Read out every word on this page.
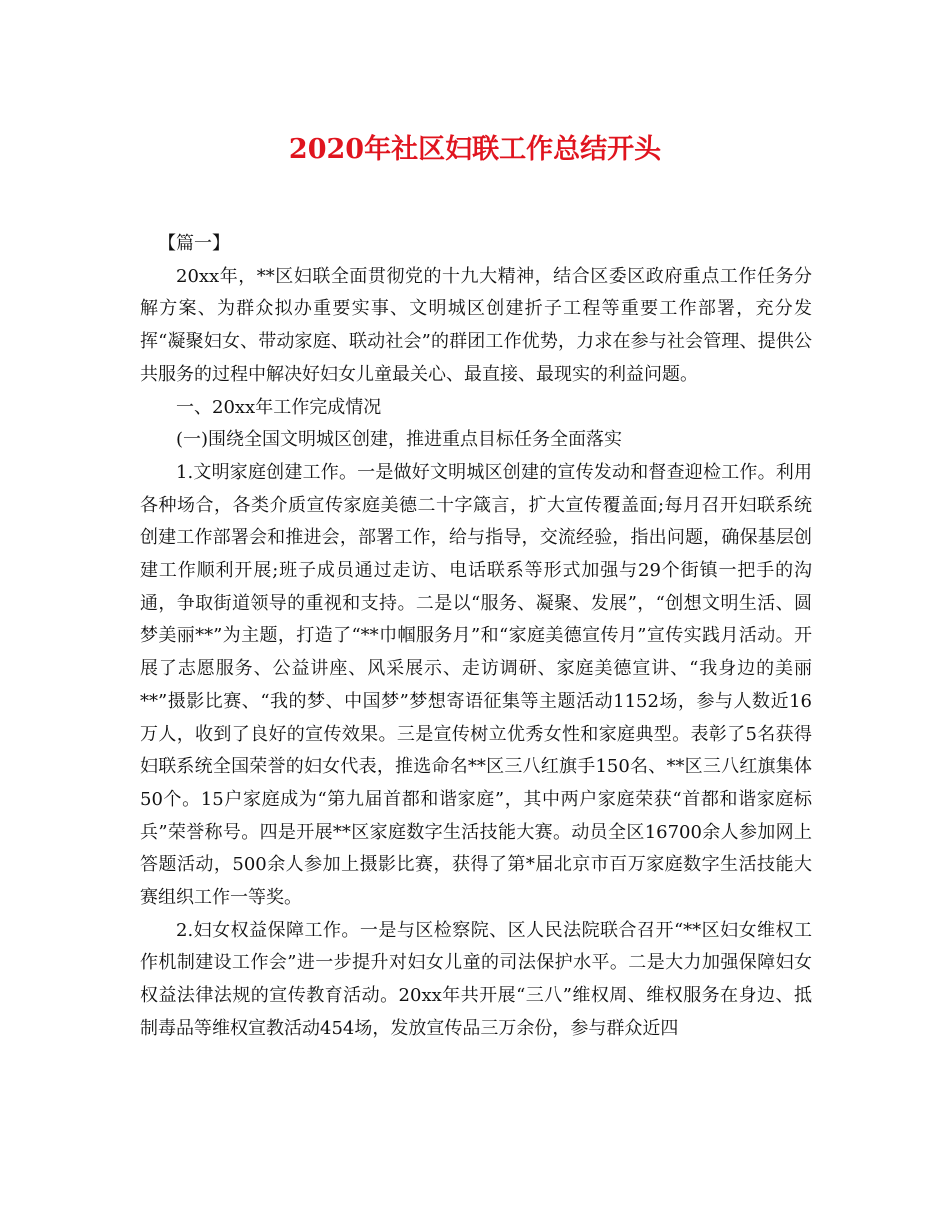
2020年社区妇联工作总结开头

【篇一】

20xx年，**区妇联全面贯彻党的十九大精神，结合区委区政府重点工作任务分解方案、为群众拟办重要实事、文明城区创建折子工程等重要工作部署，充分发挥“凝聚妇女、带动家庭、联动社会”的群团工作优势，力求在参与社会管理、提供公共服务的过程中解决好妇女儿童最关心、最直接、最现实的利益问题。

一、20xx年工作完成情况

(一)围绕全国文明城区创建，推进重点目标任务全面落实

1.文明家庭创建工作。一是做好文明城区创建的宣传发动和督查迎检工作。利用各种场合，各类介质宣传家庭美德二十字箴言，扩大宣传覆盖面;每月召开妇联系统创建工作部署会和推进会，部署工作，给与指导，交流经验，指出问题，确保基层创建工作顺利开展;班子成员通过走访、电话联系等形式加强与29个街镇一把手的沟通，争取街道领导的重视和支持。二是以“服务、凝聚、发展”，“创想文明生活、圆梦美丽**”为主题，打造了“**巾帼服务月”和“家庭美德宣传月”宣传实践月活动。开展了志愿服务、公益讲座、风采展示、走访调研、家庭美德宣讲、“我身边的美丽**”摄影比赛、“我的梦、中国梦”梦想寄语征集等主题活动1152场，参与人数近16万人，收到了良好的宣传效果。三是宣传树立优秀女性和家庭典型。表彰了5名获得妇联系统全国荣誉的妇女代表，推选命名**区三八红旗手150名、**区三八红旗集体50个。15户家庭成为“第九届首都和谐家庭”，其中两户家庭荣获“首都和谐家庭标兵”荣誉称号。四是开展**区家庭数字生活技能大赛。动员全区16700余人参加网上答题活动，500余人参加上摄影比赛，获得了第*届北京市百万家庭数字生活技能大赛组织工作一等奖。

2.妇女权益保障工作。一是与区检察院、区人民法院联合召开“**区妇女维权工作机制建设工作会”进一步提升对妇女儿童的司法保护水平。二是大力加强保障妇女权益法律法规的宣传教育活动。20xx年共开展“三八”维权周、维权服务在身边、抵制毒品等维权宣教活动454场，发放宣传品三万余份，参与群众近四
